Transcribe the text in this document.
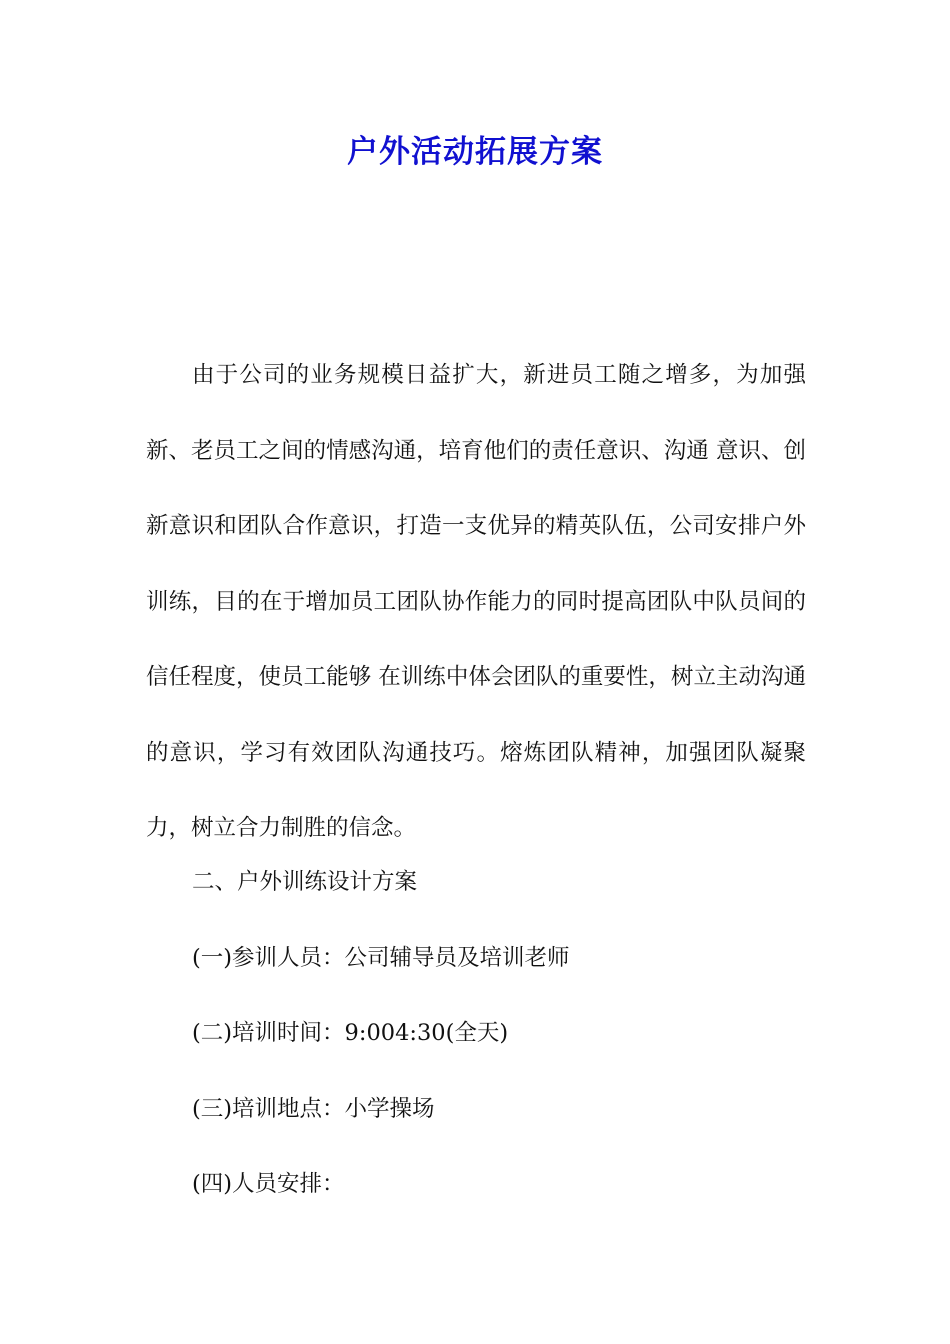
户外活动拓展方案

由于公司的业务规模日益扩大，新进员工随之增多，为加强新、老员工之间的情感沟通，培育他们的责任意识、沟通 意识、创新意识和团队合作意识，打造一支优异的精英队伍，公司安排户外训练，目的在于增加员工团队协作能力的同时提高团队中队员间的信任程度，使员工能够 在训练中体会团队的重要性，树立主动沟通的意识，学习有效团队沟通技巧。熔炼团队精神，加强团队凝聚力，树立合力制胜的信念。

二、户外训练设计方案
(一)参训人员：公司辅导员及培训老师
(二)培训时间：9:004:30(全天)
(三)培训地点：小学操场
(四)人员安排：
